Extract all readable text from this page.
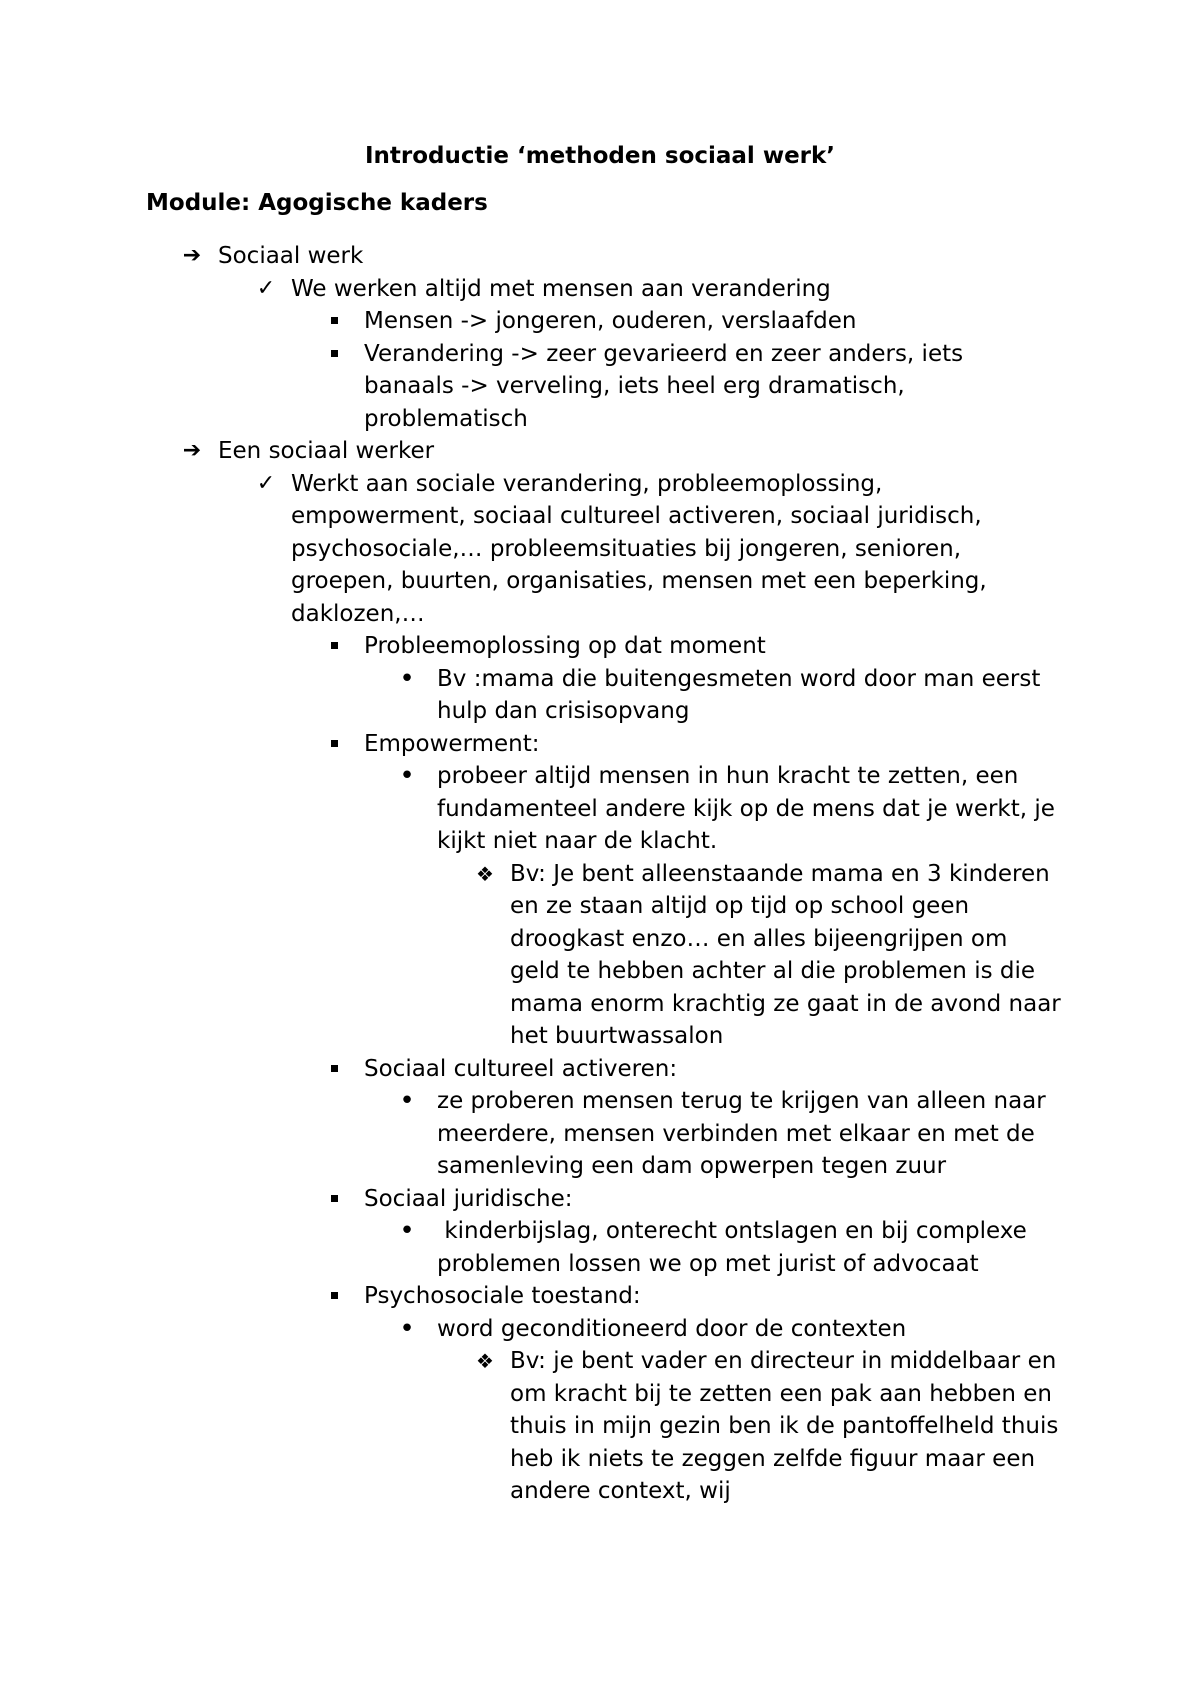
Introductie ‘methoden sociaal werk’
Module: Agogische kaders
➔ Sociaal werk
✓ We werken altijd met mensen aan verandering
Mensen -> jongeren, ouderen, verslaafden
Verandering -> zeer gevarieerd en zeer anders, iets banaals -> verveling, iets heel erg dramatisch, problematisch
➔ Een sociaal werker
✓ Werkt aan sociale verandering, probleemoplossing, empowerment, sociaal cultureel activeren, sociaal juridisch, psychosociale,… probleemsituaties bij jongeren, senioren, groepen, buurten, organisaties, mensen met een beperking, daklozen,…
Probleemoplossing op dat moment
• Bv :mama die buitengesmeten word door man eerst hulp dan crisisopvang
Empowerment:
• probeer altijd mensen in hun kracht te zetten, een fundamenteel andere kijk op de mens dat je werkt, je kijkt niet naar de klacht.
❖ Bv: Je bent alleenstaande mama en 3 kinderen en ze staan altijd op tijd op school geen droogkast enzo… en alles bijeengrijpen om geld te hebben achter al die problemen is die mama enorm krachtig ze gaat in de avond naar het buurtwassalon
Sociaal cultureel activeren:
• ze proberen mensen terug te krijgen van alleen naar meerdere, mensen verbinden met elkaar en met de samenleving een dam opwerpen tegen zuur
Sociaal juridische:
• kinderbijslag, onterecht ontslagen en bij complexe problemen lossen we op met jurist of advocaat
Psychosociale toestand:
• word geconditioneerd door de contexten
❖ Bv: je bent vader en directeur in middelbaar en om kracht bij te zetten een pak aan hebben en thuis in mijn gezin ben ik de pantoffelheld thuis heb ik niets te zeggen zelfde figuur maar een andere context, wij
